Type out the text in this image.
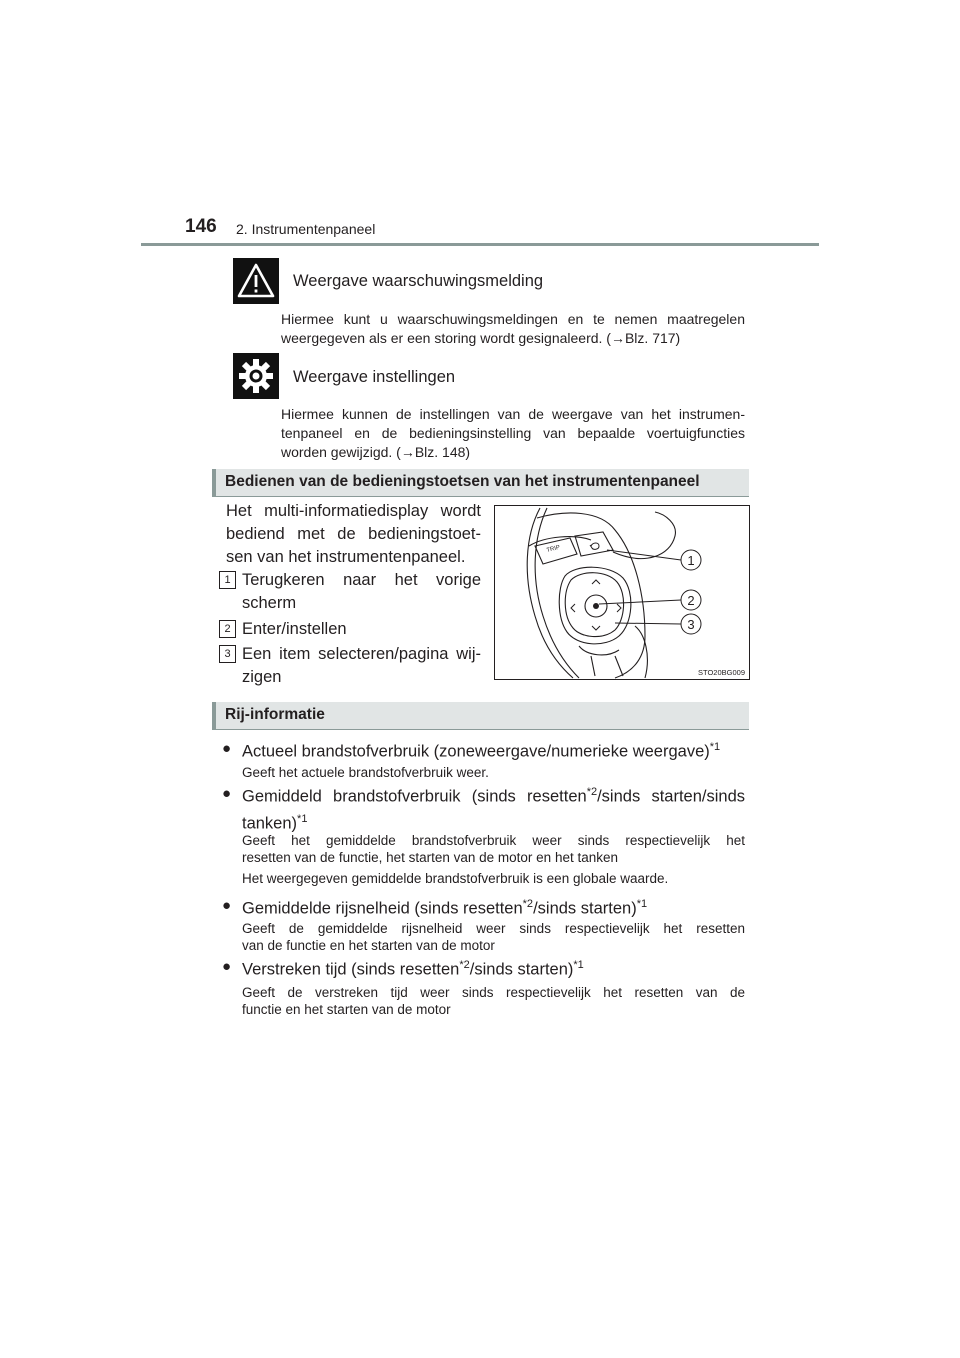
146 2. Instrumentenpaneel
Weergave waarschuwingsmelding
Hiermee kunt u waarschuwingsmeldingen en te nemen maatregelen
weergegeven als er een storing wordt gesignaleerd. (→Blz. 717)
Weergave instellingen
Hiermee kunnen de instellingen van de weergave van het instrumen-
tenpaneel en de bedieningsinstelling van bepaalde voertuigfuncties
worden gewijzigd. (→Blz. 148)
Bedienen van de bedieningstoetsen van het instrumentenpaneel
Het multi-informatiedisplay wordt
bediend met de bedieningstoet-
sen van het instrumentenpaneel.
1 Terugkeren naar het vorige
scherm
2 Enter/instellen
3 Een item selecteren/pagina wij-
zigen
TRIP
1
2
3
STO20BG009
Rij-informatie
● Actueel brandstofverbruik (zoneweergave/numerieke weergave)$^{*1}$
Geeft het actuele brandstofverbruik weer.
● Gemiddeld brandstofverbruik (sinds resetten$^{*2}$/sinds starten/sinds
tanken)$^{*1}$
Geeft het gemiddelde brandstofverbruik weer sinds respectievelijk het
resetten van de functie, het starten van de motor en het tanken
Het weergegeven gemiddelde brandstofverbruik is een globale waarde.
● Gemiddelde rijsnelheid (sinds resetten$^{*2}$/sinds starten)$^{*1}$
Geeft de gemiddelde rijsnelheid weer sinds respectievelijk het resetten
van de functie en het starten van de motor
● Verstreken tijd (sinds resetten$^{*2}$/sinds starten)$^{*1}$
Geeft de verstreken tijd weer sinds respectievelijk het resetten van de
functie en het starten van de motor
